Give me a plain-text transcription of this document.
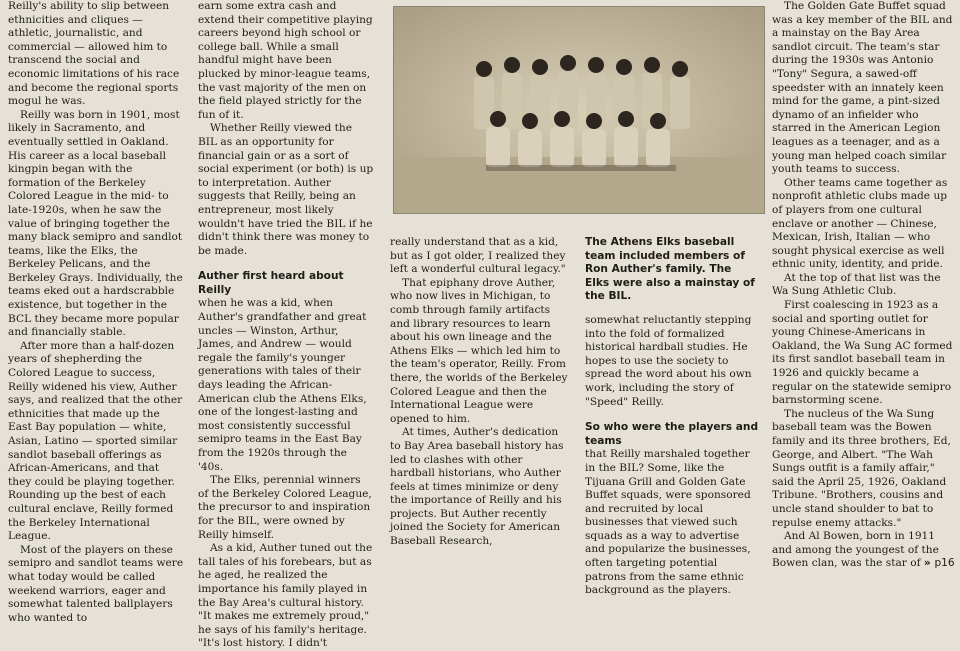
Reilly's ability to slip between ethnicities and cliques — athletic, journalistic, and commercial — allowed him to transcend the social and economic limitations of his race and become the regional sports mogul he was.

Reilly was born in 1901, most likely in Sacramento, and eventually settled in Oakland. His career as a local baseball kingpin began with the formation of the Berkeley Colored League in the mid- to late-1920s, when he saw the value of bringing together the many black semipro and sandlot teams, like the Elks, the Berkeley Pelicans, and the Berkeley Grays. Individually, the teams eked out a hardscrabble existence, but together in the BCL they became more popular and financially stable.

After more than a half-dozen years of shepherding the Colored League to success, Reilly widened his view, Auther says, and realized that the other ethnicities that made up the East Bay population — white, Asian, Latino — sported similar sandlot baseball offerings as African-Americans, and that they could be playing together. Rounding up the best of each cultural enclave, Reilly formed the Berkeley International League.

Most of the players on these semipro and sandlot teams were what today would be called weekend warriors, eager and somewhat talented ballplayers who wanted to

earn some extra cash and extend their competitive playing careers beyond high school or college ball. While a small handful might have been plucked by minor-league teams, the vast majority of the men on the field played strictly for the fun of it.

Whether Reilly viewed the BIL as an opportunity for financial gain or as a sort of social experiment (or both) is up to interpretation. Auther suggests that Reilly, being an entrepreneur, most likely wouldn't have tried the BIL if he didn't think there was money to be made.

Auther first heard about Reilly

when he was a kid, when Auther's grandfather and great uncles — Winston, Arthur, James, and Andrew — would regale the family's younger generations with tales of their days leading the African-American club the Athens Elks, one of the longest-lasting and most consistently successful semipro teams in the East Bay from the 1920s through the '40s.

The Elks, perennial winners of the Berkeley Colored League, the precursor to and inspiration for the BIL, were owned by Reilly himself.

As a kid, Auther tuned out the tall tales of his forebears, but as he aged, he realized the importance his family played in the Bay Area's cultural history. "It makes me extremely proud," he says of his family's heritage. "It's lost history. I didn't

really understand that as a kid, but as I got older, I realized they left a wonderful cultural legacy."

That epiphany drove Auther, who now lives in Michigan, to comb through family artifacts and library resources to learn about his own lineage and the Athens Elks — which led him to the team's operator, Reilly. From there, the worlds of the Berkeley Colored League and then the International League were opened to him.

At times, Auther's dedication to Bay Area baseball history has led to clashes with other hardball historians, who Auther feels at times minimize or deny the importance of Reilly and his projects. But Auther recently joined the Society for American Baseball Research,

The Athens Elks baseball team included members of Ron Auther's family. The Elks were also a mainstay of the BIL.

somewhat reluctantly stepping into the fold of formalized historical hardball studies. He hopes to use the society to spread the word about his own work, including the story of "Speed" Reilly.

So who were the players and teams

that Reilly marshaled together in the BIL? Some, like the Tijuana Grill and Golden Gate Buffet squads, were sponsored and recruited by local businesses that viewed such squads as a way to advertise and popularize the businesses, often targeting potential patrons from the same ethnic background as the players.

The Golden Gate Buffet squad was a key member of the BIL and a mainstay on the Bay Area sandlot circuit. The team's star during the 1930s was Antonio "Tony" Segura, a sawed-off speedster with an innately keen mind for the game, a pint-sized dynamo of an infielder who starred in the American Legion leagues as a teenager, and as a young man helped coach similar youth teams to success.

Other teams came together as nonprofit athletic clubs made up of players from one cultural enclave or another — Chinese, Mexican, Irish, Italian — who sought physical exercise as well ethnic unity, identity, and pride.

At the top of that list was the Wa Sung Athletic Club.

First coalescing in 1923 as a social and sporting outlet for young Chinese-Americans in Oakland, the Wa Sung AC formed its first sandlot baseball team in 1926 and quickly became a regular on the statewide semipro barnstorming scene.

The nucleus of the Wa Sung baseball team was the Bowen family and its three brothers, Ed, George, and Albert. "The Wah Sungs outfit is a family affair," said the April 25, 1926, Oakland Tribune. "Brothers, cousins and uncle stand shoulder to bat to repulse enemy attacks."

And Al Bowen, born in 1911 and among the youngest of the Bowen clan, was the star of » p16
